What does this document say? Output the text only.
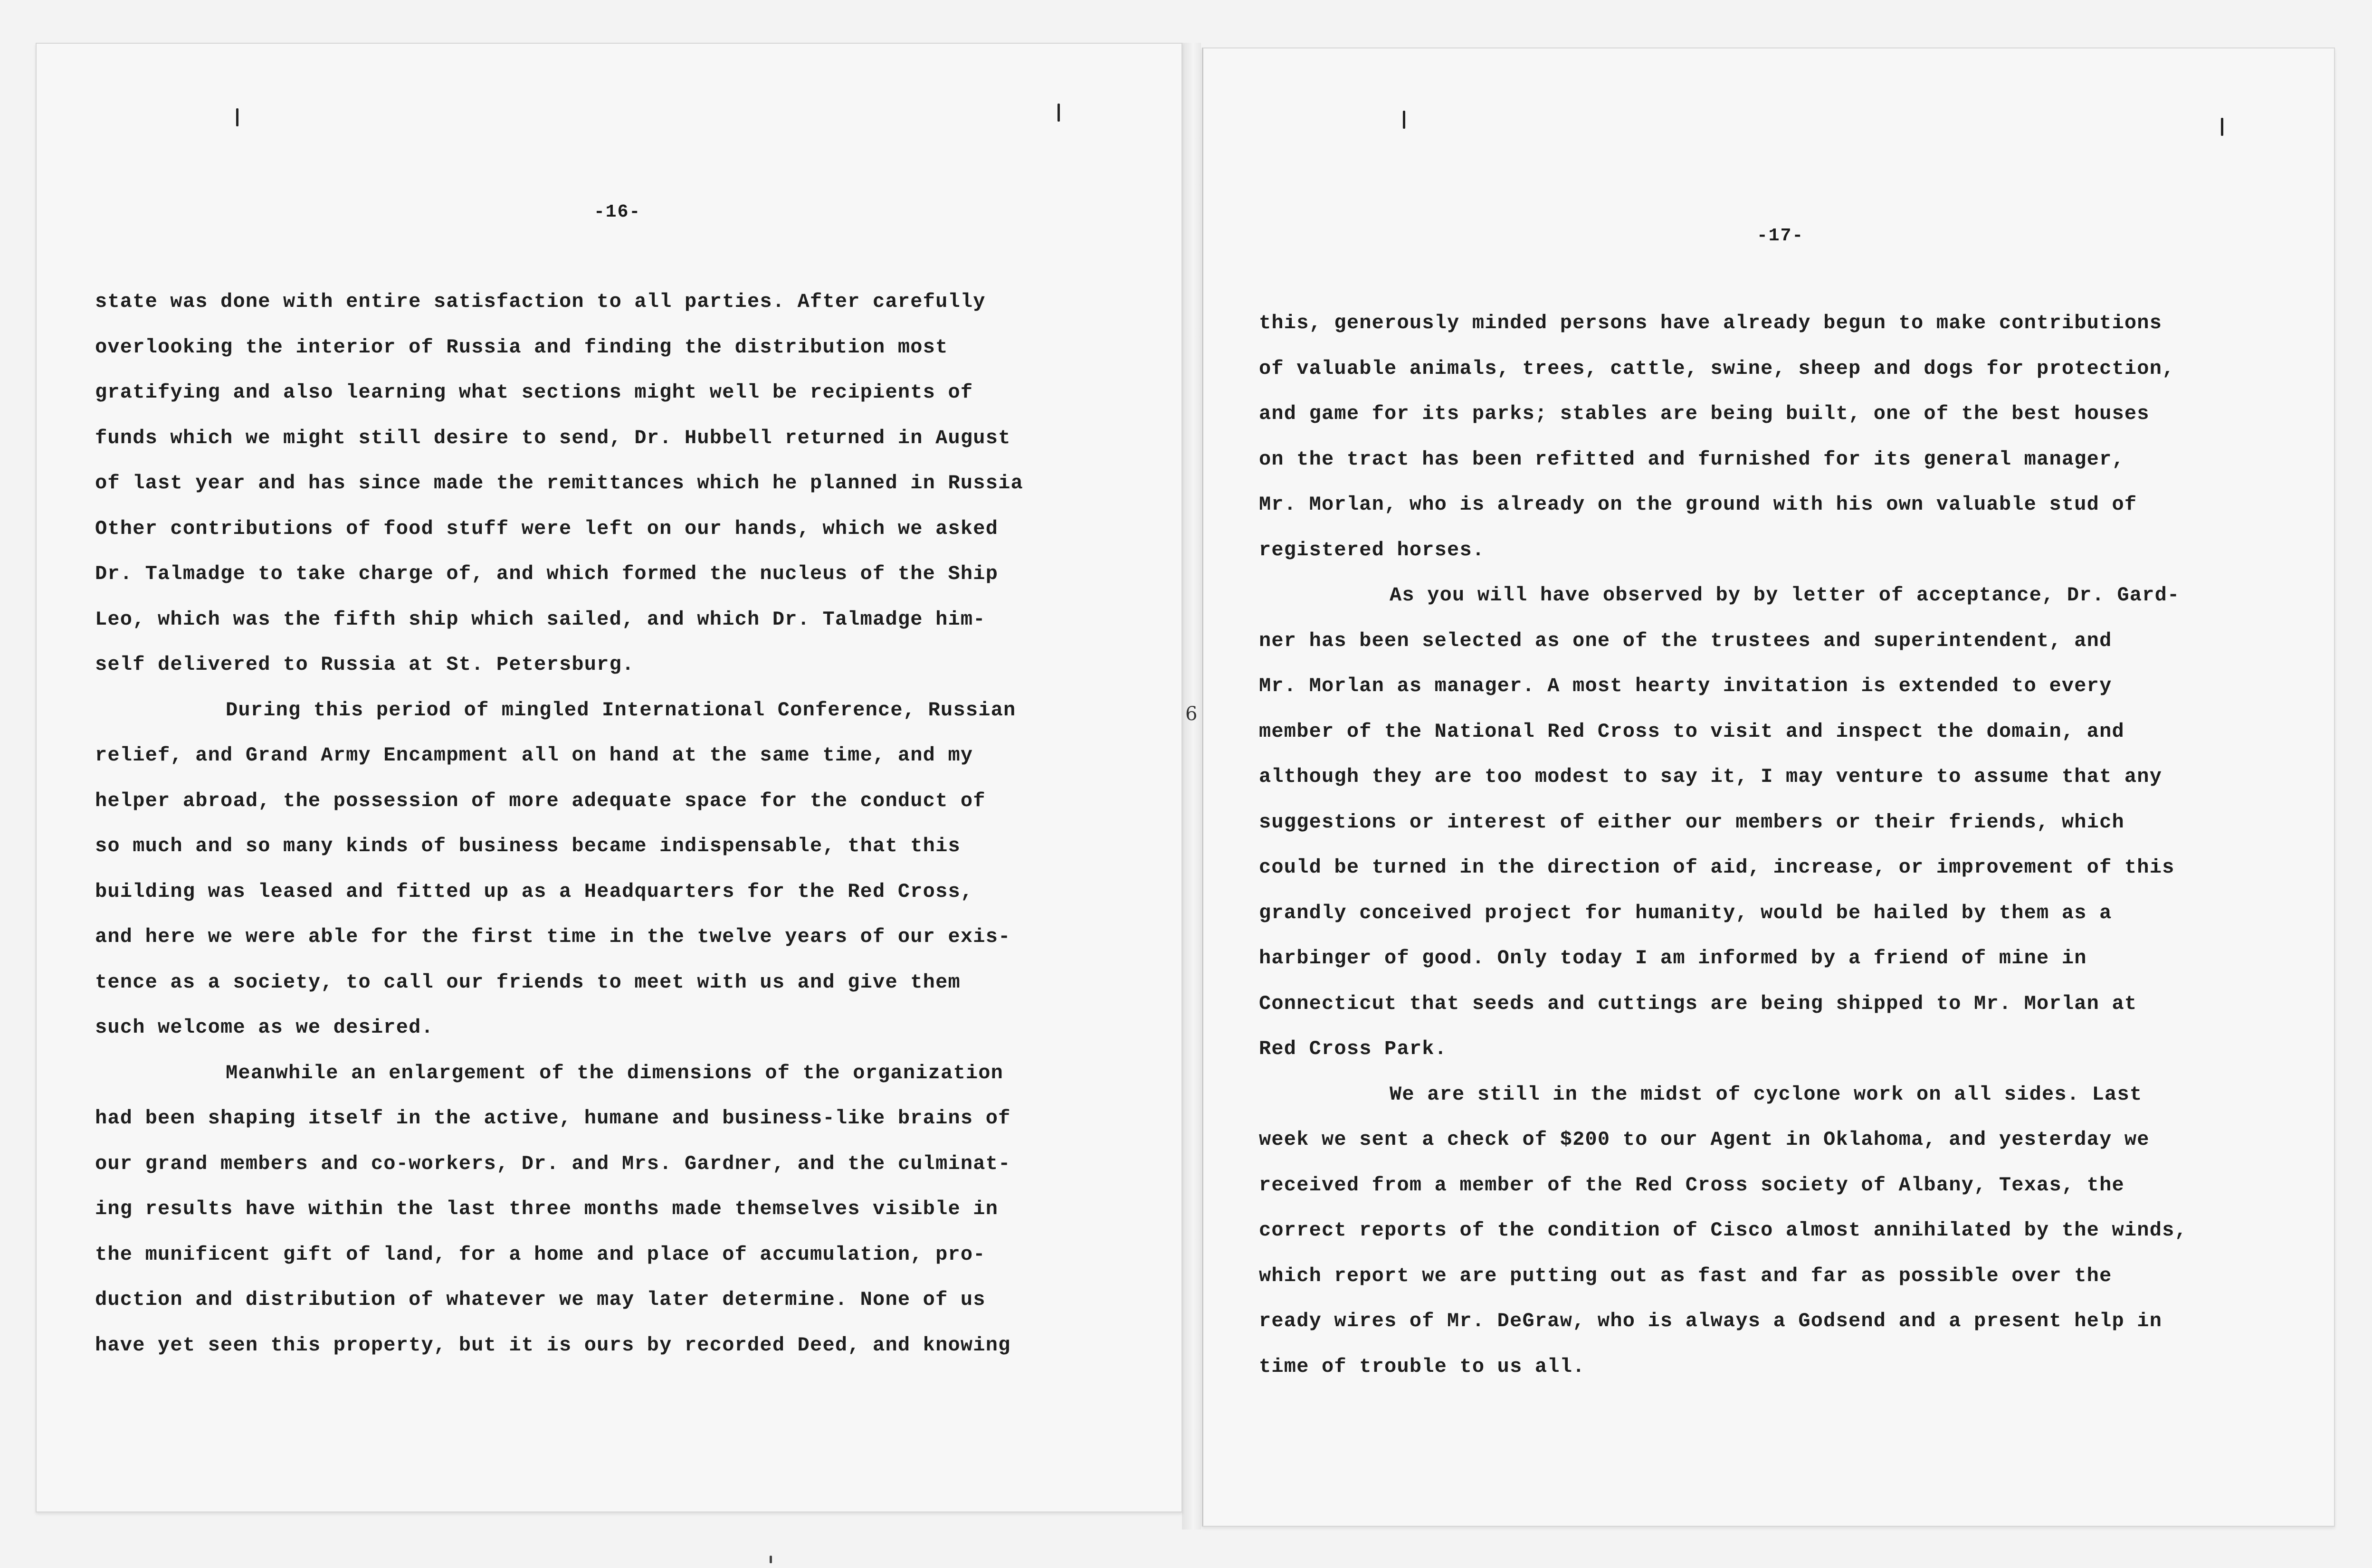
-16-
-17-
6
state was done with entire satisfaction to all parties. After carefully
overlooking the interior of Russia and finding the distribution most
gratifying and also learning what sections might well be recipients of
funds which we might still desire to send, Dr. Hubbell returned in August
of last year and has since made the remittances which he planned in Russia
Other contributions of food stuff were left on our hands, which we asked
Dr. Talmadge to take charge of, and which formed the nucleus of the Ship
Leo, which was the fifth ship which sailed, and which Dr. Talmadge him-
self delivered to Russia at St. Petersburg.
During this period of mingled International Conference, Russian
relief, and Grand Army Encampment all on hand at the same time, and my
helper abroad, the possession of more adequate space for the conduct of
so much and so many kinds of business became indispensable, that this
building was leased and fitted up as a Headquarters for the Red Cross,
and here we were able for the first time in the twelve years of our exis-
tence as a society, to call our friends to meet with us and give them
such welcome as we desired.
Meanwhile an enlargement of the dimensions of the organization
had been shaping itself in the active, humane and business-like brains of
our grand members and co-workers, Dr. and Mrs. Gardner, and the culminat-
ing results have within the last three months made themselves visible in
the munificent gift of land, for a home and place of accumulation, pro-
duction and distribution of whatever we may later determine. None of us
have yet seen this property, but it is ours by recorded Deed, and knowing
this, generously minded persons have already begun to make contributions
of valuable animals, trees, cattle, swine, sheep and dogs for protection,
and game for its parks; stables are being built, one of the best houses
on the tract has been refitted and furnished for its general manager,
Mr. Morlan, who is already on the ground with his own valuable stud of
registered horses.
As you will have observed by by letter of acceptance, Dr. Gard-
ner has been selected as one of the trustees and superintendent, and
Mr. Morlan as manager. A most hearty invitation is extended to every
member of the National Red Cross to visit and inspect the domain, and
although they are too modest to say it, I may venture to assume that any
suggestions or interest of either our members or their friends, which
could be turned in the direction of aid, increase, or improvement of this
grandly conceived project for humanity, would be hailed by them as a
harbinger of good. Only today I am informed by a friend of mine in
Connecticut that seeds and cuttings are being shipped to Mr. Morlan at
Red Cross Park.
We are still in the midst of cyclone work on all sides. Last
week we sent a check of $200 to our Agent in Oklahoma, and yesterday we
received from a member of the Red Cross society of Albany, Texas, the
correct reports of the condition of Cisco almost annihilated by the winds,
which report we are putting out as fast and far as possible over the
ready wires of Mr. DeGraw, who is always a Godsend and a present help in
time of trouble to us all.
